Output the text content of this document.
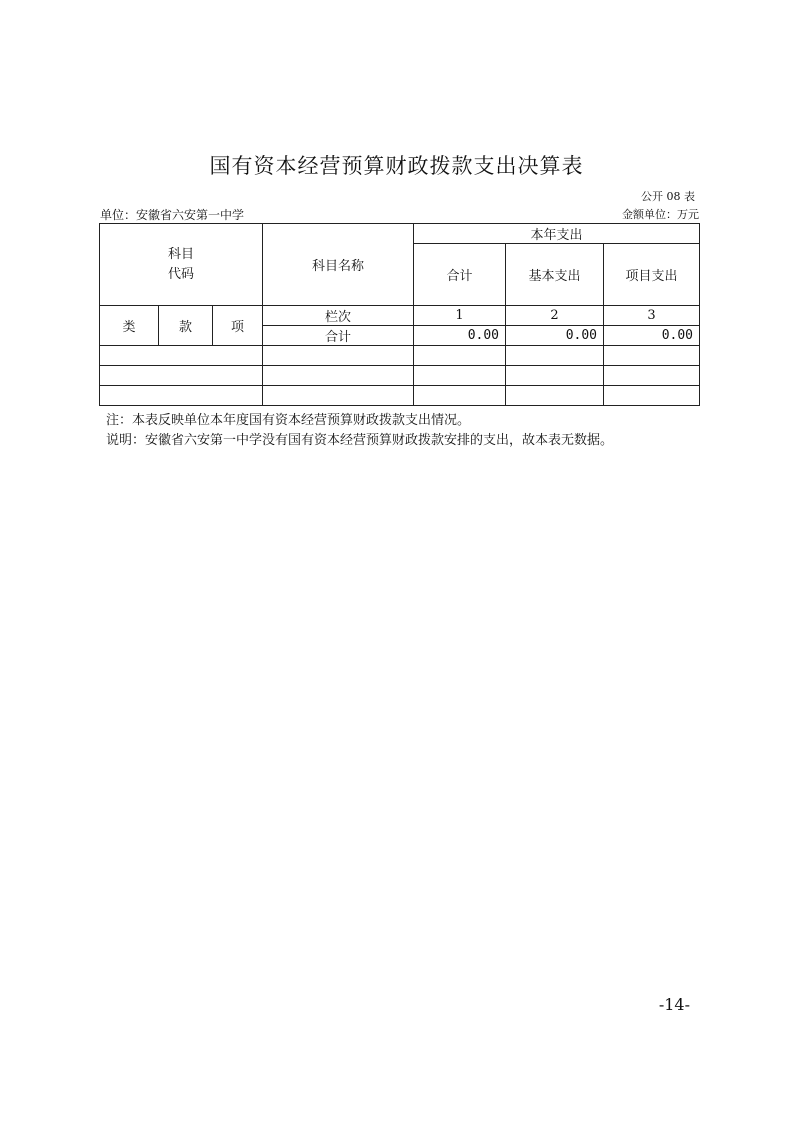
国有资本经营预算财政拨款支出决算表
公开 08 表
单位：安徽省六安第一中学	金额单位：万元
科目
代码			科目名称	本年支出		
				合计	基本支出	项目支出
类	款	项	栏次	1	2	3
			合计	0.00	0.00	0.00

注：本表反映单位本年度国有资本经营预算财政拨款支出情况。
说明：安徽省六安第一中学没有国有资本经营预算财政拨款安排的支出，故本表无数据。
-14-
